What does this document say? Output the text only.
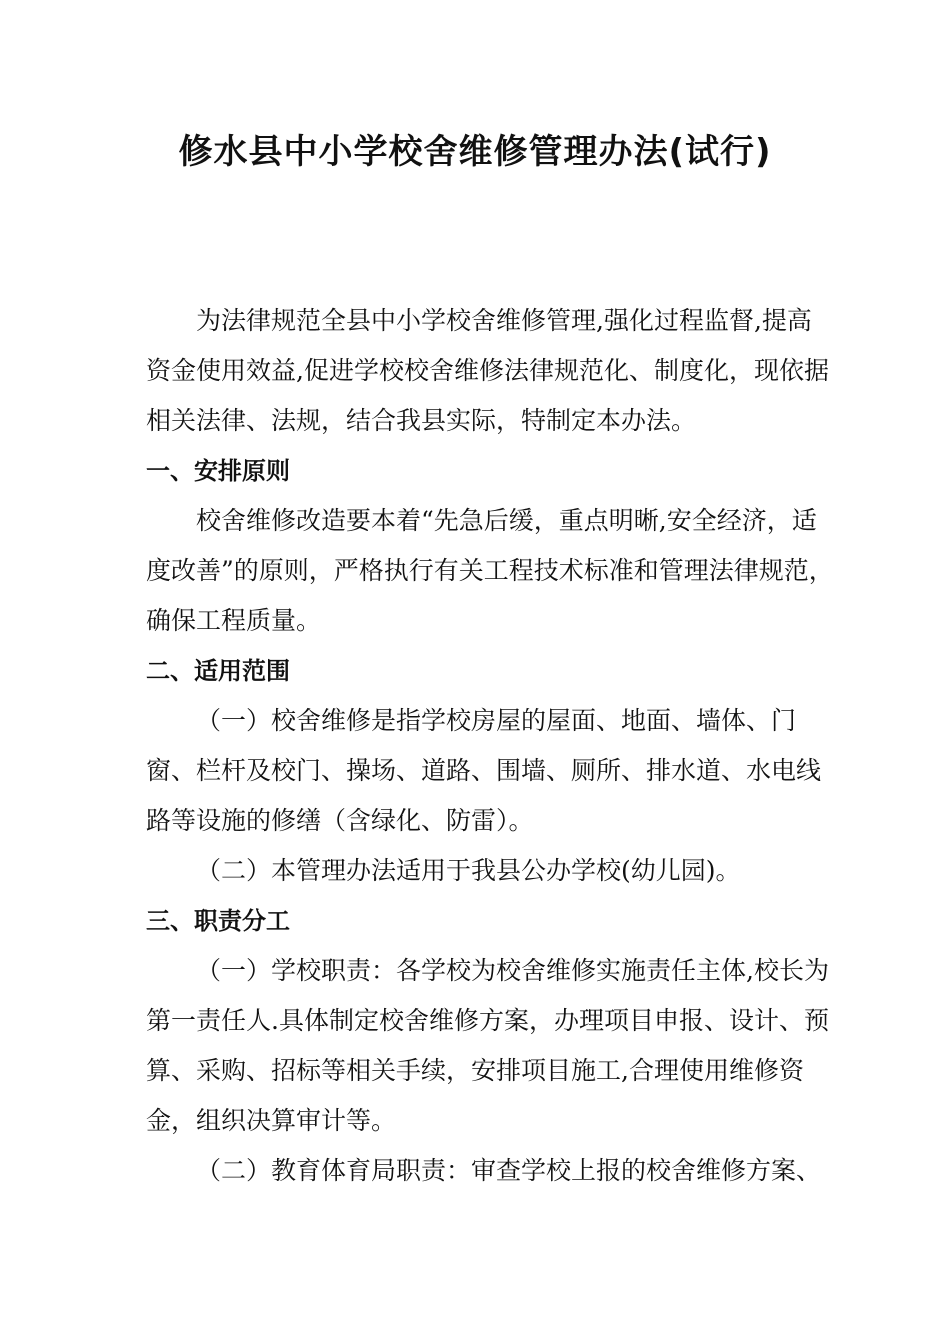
修水县中小学校舍维修管理办法(试行)

为法律规范全县中小学校舍维修管理,强化过程监督,提高资金使用效益,促进学校校舍维修法律规范化、制度化，现依据相关法律、法规，结合我县实际，特制定本办法。

一、安排原则

校舍维修改造要本着“先急后缓，重点明晰,安全经济，适度改善”的原则，严格执行有关工程技术标准和管理法律规范，确保工程质量。

二、适用范围

（一）校舍维修是指学校房屋的屋面、地面、墙体、门窗、栏杆及校门、操场、道路、围墙、厕所、排水道、水电线路等设施的修缮（含绿化、防雷）。

（二）本管理办法适用于我县公办学校(幼儿园)。

三、职责分工

（一）学校职责：各学校为校舍维修实施责任主体,校长为第一责任人.具体制定校舍维修方案，办理项目申报、设计、预算、采购、招标等相关手续，安排项目施工,合理使用维修资金，组织决算审计等。

（二）教育体育局职责：审查学校上报的校舍维修方案、
